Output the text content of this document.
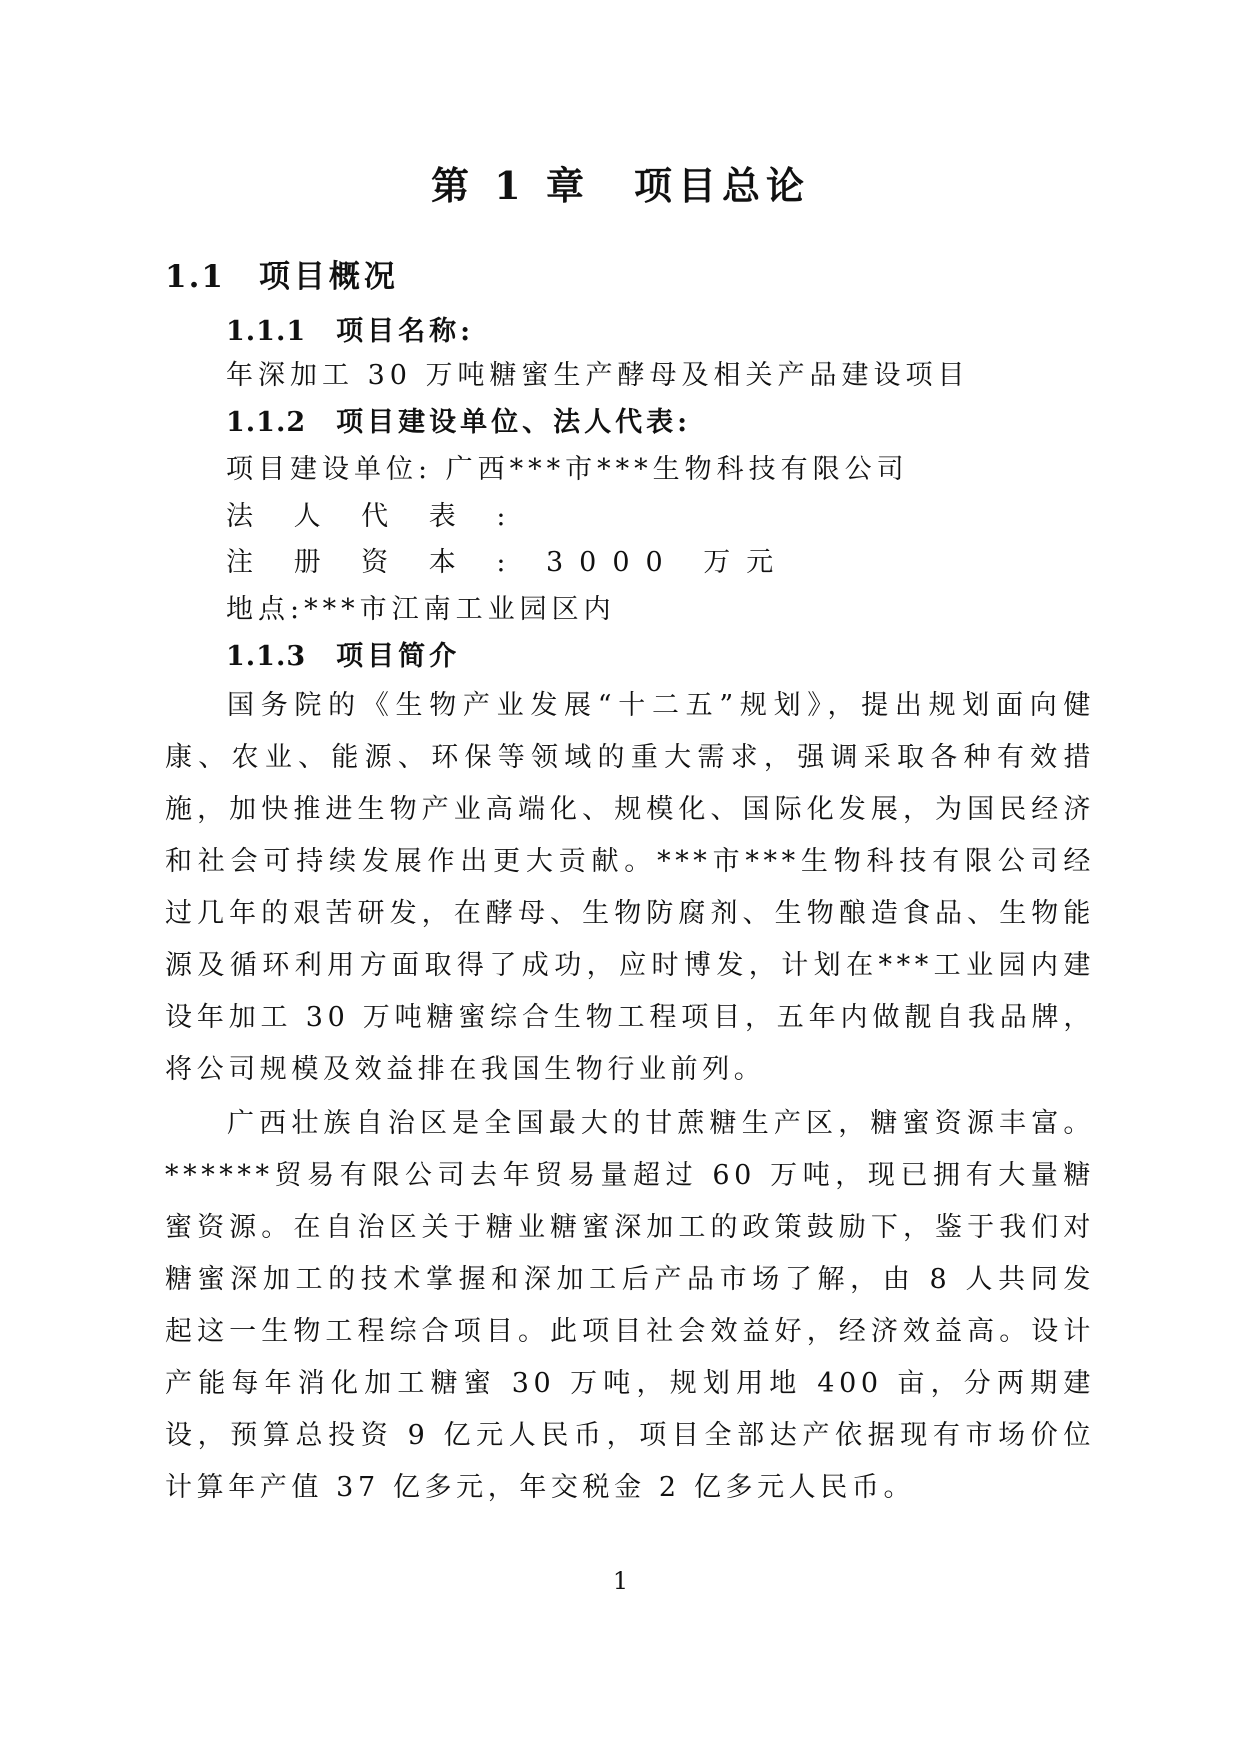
第 1 章　项目总论
1.1 项目概况
1.1.1 项目名称:
年深加工 30 万吨糖蜜生产酵母及相关产品建设项目
1.1.2 项目建设单位、法人代表:
项目建设单位: 广西***市***生物科技有限公司
法 人 代 表 :
注 册 资 本 : 3000 万元
地点:***市江南工业园区内
1.1.3 项目简介

国务院的《生物产业发展“十二五”规划》，提出规划面向健康、农业、能源、环保等领域的重大需求，强调采取各种有效措施，加快推进生物产业高端化、规模化、国际化发展，为国民经济和社会可持续发展作出更大贡献。***市***生物科技有限公司经过几年的艰苦研发，在酵母、生物防腐剂、生物酿造食品、生物能源及循环利用方面取得了成功，应时博发，计划在***工业园内建设年加工 30 万吨糖蜜综合生物工程项目，五年内做靓自我品牌，将公司规模及效益排在我国生物行业前列。

广西壮族自治区是全国最大的甘蔗糖生产区，糖蜜资源丰富。******贸易有限公司去年贸易量超过 60 万吨，现已拥有大量糖蜜资源。在自治区关于糖业糖蜜深加工的政策鼓励下，鉴于我们对糖蜜深加工的技术掌握和深加工后产品市场了解，由 8 人共同发起这一生物工程综合项目。此项目社会效益好，经济效益高。设计产能每年消化加工糖蜜 30 万吨，规划用地 400 亩，分两期建设，预算总投资 9 亿元人民币，项目全部达产依据现有市场价位计算年产值 37 亿多元，年交税金 2 亿多元人民币。

1
